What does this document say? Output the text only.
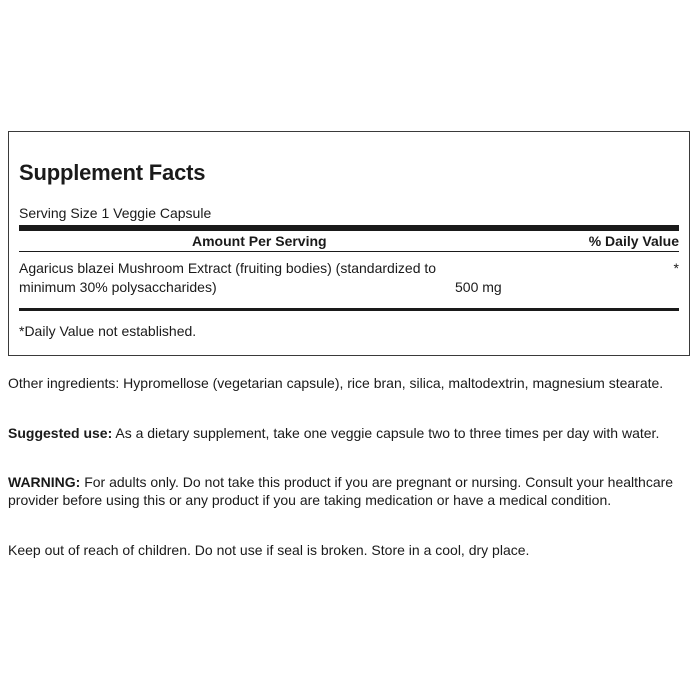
Supplement Facts
Serving Size 1 Veggie Capsule
Amount Per Serving	% Daily Value
Agaricus blazei Mushroom Extract (fruiting bodies) (standardized to minimum 30% polysaccharides)	500 mg
*
*Daily Value not established.

Other ingredients: Hypromellose (vegetarian capsule), rice bran, silica, maltodextrin, magnesium stearate.

Suggested use: As a dietary supplement, take one veggie capsule two to three times per day with water.

WARNING: For adults only. Do not take this product if you are pregnant or nursing. Consult your healthcare provider before using this or any product if you are taking medication or have a medical condition.

Keep out of reach of children. Do not use if seal is broken. Store in a cool, dry place.
